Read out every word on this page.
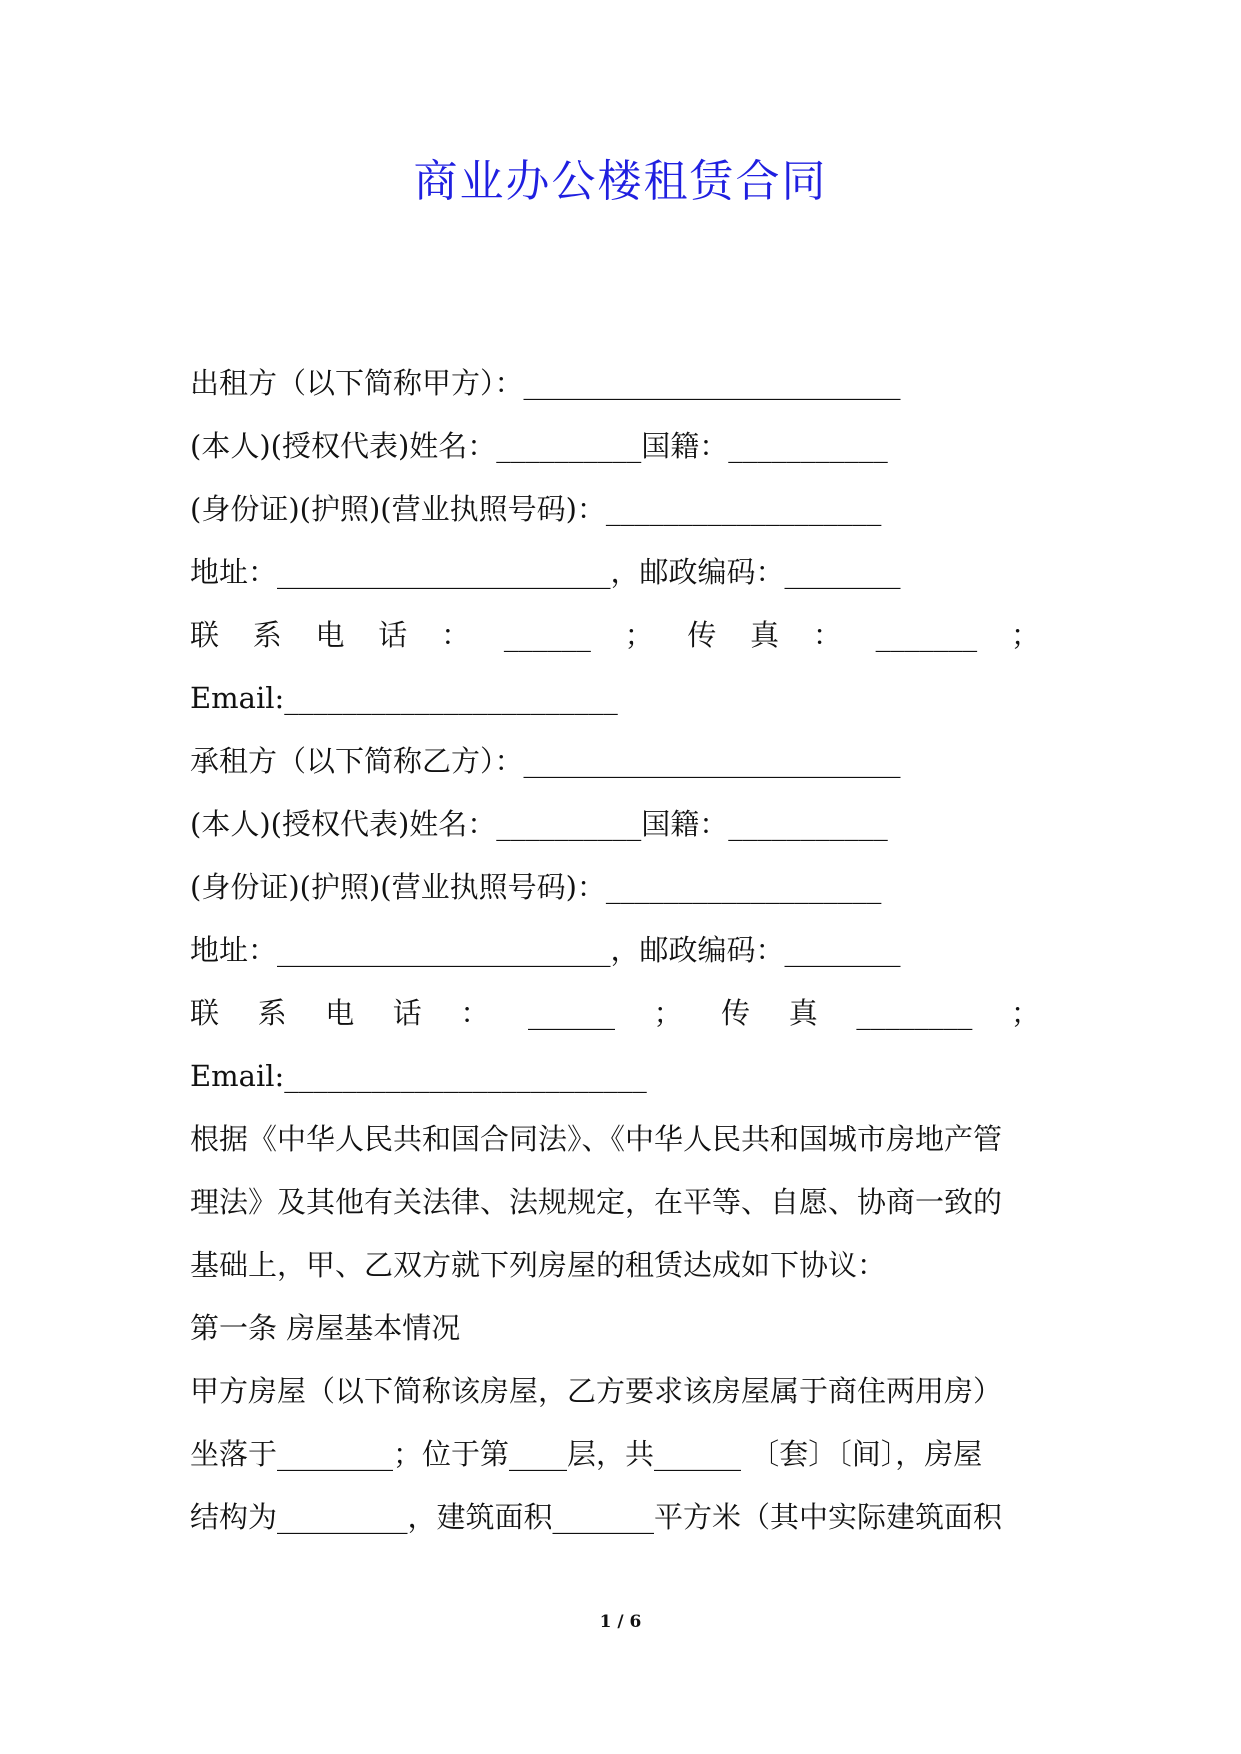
商业办公楼租赁合同
出租方（以下简称甲方）：__________________________
(本人)(授权代表)姓名：__________国籍：___________
(身份证)(护照)(营业执照号码)：___________________
地址：_______________________，邮政编码：________
联 系 电 话 ： ______ ； 传 真 ： _______ ；
Email:_______________________
承租方（以下简称乙方）：__________________________
(本人)(授权代表)姓名：__________国籍：___________
(身份证)(护照)(营业执照号码)：___________________
地址：_______________________，邮政编码：________
联 系 电 话 ： ______ ； 传 真 ________ ；
Email:_________________________
根据《中华人民共和国合同法》、《中华人民共和国城市房地产管
理法》及其他有关法律、法规规定，在平等、自愿、协商一致的
基础上，甲、乙双方就下列房屋的租赁达成如下协议：
第一条 房屋基本情况
甲方房屋（以下简称该房屋，乙方要求该房屋属于商住两用房）
坐落于________；位于第____层，共______ 〔套〕〔间〕，房屋
结构为_________，建筑面积_______平方米（其中实际建筑面积
1 / 6
